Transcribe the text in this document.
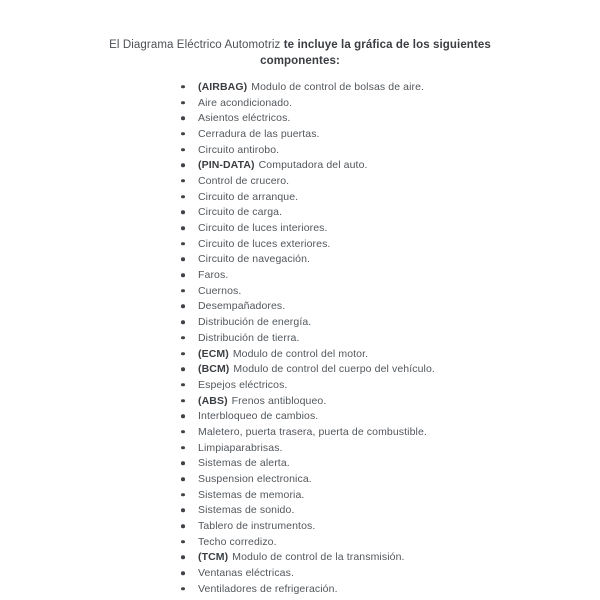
El Diagrama Eléctrico Automotriz te incluye la gráfica de los siguientes
componentes:
(AIRBAG) Modulo de control de bolsas de aire.
Aire acondicionado.
Asientos eléctricos.
Cerradura de las puertas.
Circuito antirobo.
(PIN-DATA) Computadora del auto.
Control de crucero.
Circuito de arranque.
Circuito de carga.
Circuito de luces interiores.
Circuito de luces exteriores.
Circuito de navegación.
Faros.
Cuernos.
Desempañadores.
Distribución de energía.
Distribución de tierra.
(ECM) Modulo de control del motor.
(BCM) Modulo de control del cuerpo del vehículo.
Espejos eléctricos.
(ABS) Frenos antibloqueo.
Interbloqueo de cambios.
Maletero, puerta trasera, puerta de combustible.
Limpiaparabrisas.
Sistemas de alerta.
Suspension electronica.
Sistemas de memoria.
Sistemas de sonido.
Tablero de instrumentos.
Techo corredizo.
(TCM) Modulo de control de la transmisión.
Ventanas eléctricas.
Ventiladores de refrigeración.
